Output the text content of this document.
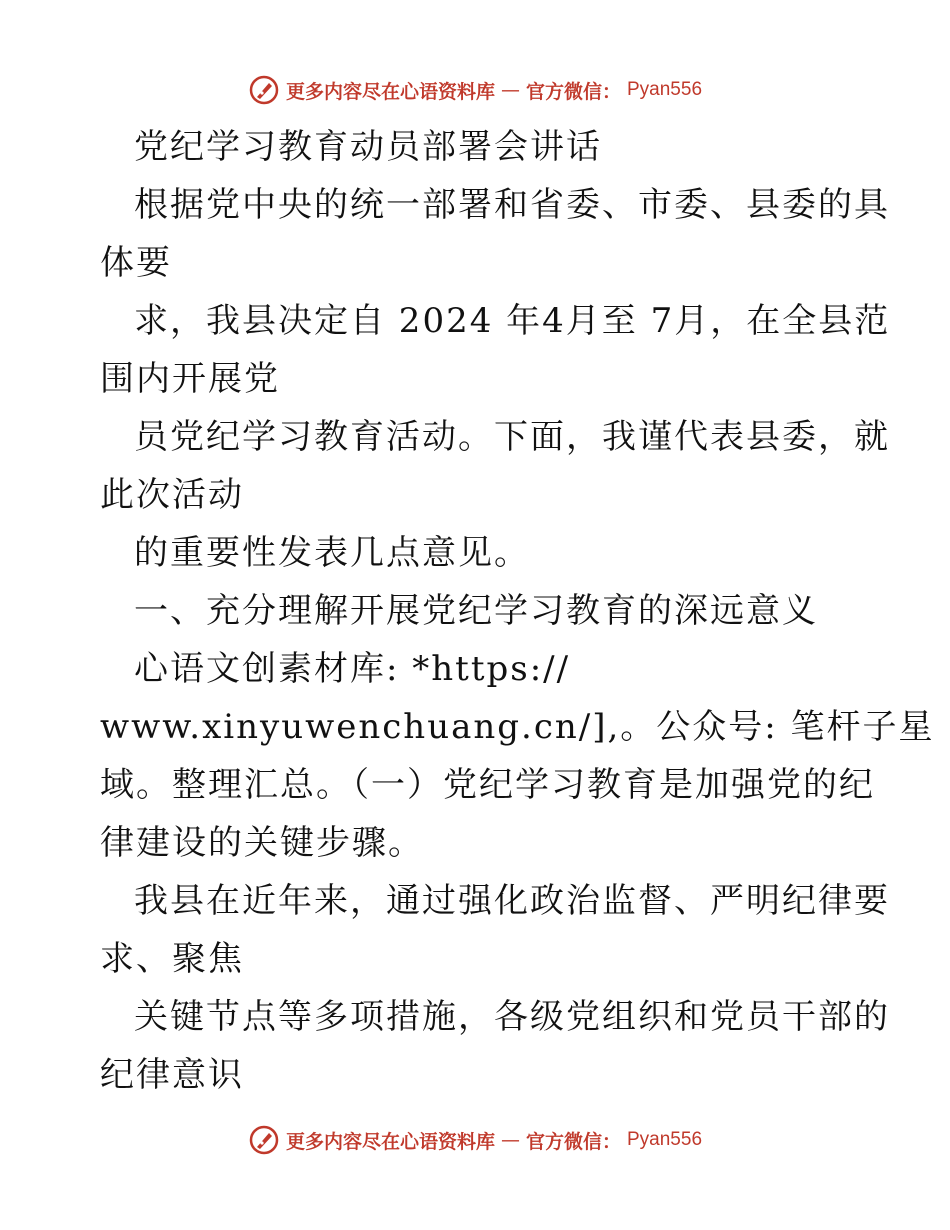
更多内容尽在心语资料库 — 官方微信： Pyan556
党纪学习教育动员部署会讲话
根据党中央的统一部署和省委、市委、县委的具
体要
求，我县决定自 2024 年4月至 7月，在全县范
围内开展党
员党纪学习教育活动。下面，我谨代表县委，就
此次活动
的重要性发表几点意见。
一、充分理解开展党纪学习教育的深远意义
心语文创素材库: *https://
www.xinyuwenchuang.cn/],。公众号: 笔杆子星
域。整理汇总。（一）党纪学习教育是加强党的纪
律建设的关键步骤。
我县在近年来，通过强化政治监督、严明纪律要
求、聚焦
关键节点等多项措施，各级党组织和党员干部的
纪律意识
更多内容尽在心语资料库 — 官方微信： Pyan556
